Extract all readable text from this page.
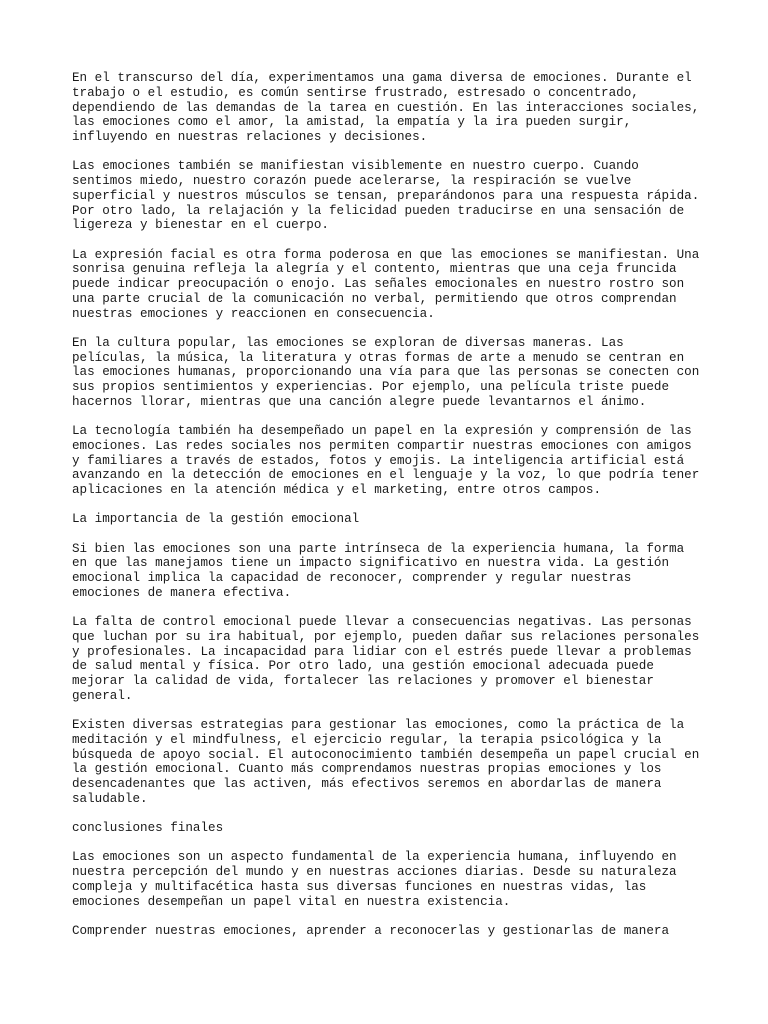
En el transcurso del día, experimentamos una gama diversa de emociones. Durante el
trabajo o el estudio, es común sentirse frustrado, estresado o concentrado,
dependiendo de las demandas de la tarea en cuestión. En las interacciones sociales,
las emociones como el amor, la amistad, la empatía y la ira pueden surgir,
influyendo en nuestras relaciones y decisiones.

Las emociones también se manifiestan visiblemente en nuestro cuerpo. Cuando
sentimos miedo, nuestro corazón puede acelerarse, la respiración se vuelve
superficial y nuestros músculos se tensan, preparándonos para una respuesta rápida.
Por otro lado, la relajación y la felicidad pueden traducirse en una sensación de
ligereza y bienestar en el cuerpo.

La expresión facial es otra forma poderosa en que las emociones se manifiestan. Una
sonrisa genuina refleja la alegría y el contento, mientras que una ceja fruncida
puede indicar preocupación o enojo. Las señales emocionales en nuestro rostro son
una parte crucial de la comunicación no verbal, permitiendo que otros comprendan
nuestras emociones y reaccionen en consecuencia.

En la cultura popular, las emociones se exploran de diversas maneras. Las
películas, la música, la literatura y otras formas de arte a menudo se centran en
las emociones humanas, proporcionando una vía para que las personas se conecten con
sus propios sentimientos y experiencias. Por ejemplo, una película triste puede
hacernos llorar, mientras que una canción alegre puede levantarnos el ánimo.

La tecnología también ha desempeñado un papel en la expresión y comprensión de las
emociones. Las redes sociales nos permiten compartir nuestras emociones con amigos
y familiares a través de estados, fotos y emojis. La inteligencia artificial está
avanzando en la detección de emociones en el lenguaje y la voz, lo que podría tener
aplicaciones en la atención médica y el marketing, entre otros campos.

La importancia de la gestión emocional

Si bien las emociones son una parte intrínseca de la experiencia humana, la forma
en que las manejamos tiene un impacto significativo en nuestra vida. La gestión
emocional implica la capacidad de reconocer, comprender y regular nuestras
emociones de manera efectiva.

La falta de control emocional puede llevar a consecuencias negativas. Las personas
que luchan por su ira habitual, por ejemplo, pueden dañar sus relaciones personales
y profesionales. La incapacidad para lidiar con el estrés puede llevar a problemas
de salud mental y física. Por otro lado, una gestión emocional adecuada puede
mejorar la calidad de vida, fortalecer las relaciones y promover el bienestar
general.

Existen diversas estrategias para gestionar las emociones, como la práctica de la
meditación y el mindfulness, el ejercicio regular, la terapia psicológica y la
búsqueda de apoyo social. El autoconocimiento también desempeña un papel crucial en
la gestión emocional. Cuanto más comprendamos nuestras propias emociones y los
desencadenantes que las activen, más efectivos seremos en abordarlas de manera
saludable.

conclusiones finales

Las emociones son un aspecto fundamental de la experiencia humana, influyendo en
nuestra percepción del mundo y en nuestras acciones diarias. Desde su naturaleza
compleja y multifacética hasta sus diversas funciones en nuestras vidas, las
emociones desempeñan un papel vital en nuestra existencia.

Comprender nuestras emociones, aprender a reconocerlas y gestionarlas de manera
